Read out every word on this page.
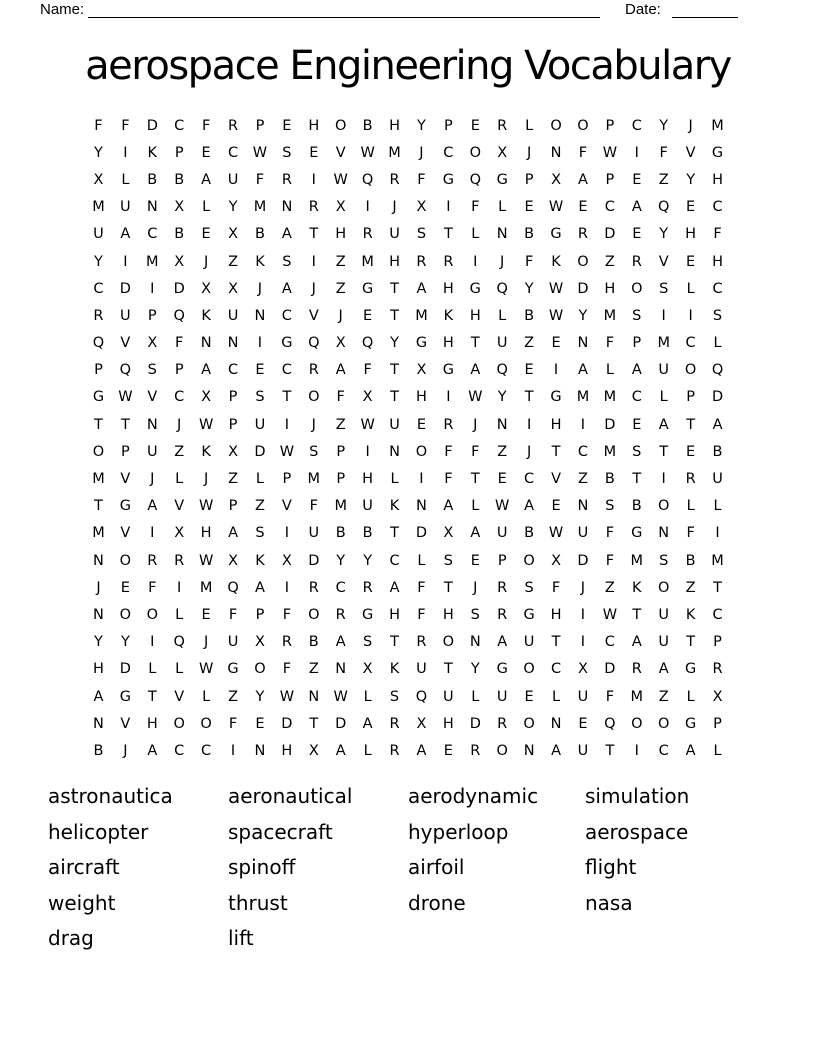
Name:	Date:
aerospace Engineering Vocabulary
F	F	D	C	F	R	P	E	H	O	B	H	Y	P	E	R	L	O	O	P	C	Y	J	M
Y	I	K	P	E	C	W	S	E	V	W M	J	C	O	X	J	N	F	W	I	F	V	G
X	L	B	B	A	U	F	R	I	W Q	R	F	G	Q	G	P	X	A	P	E	Z	Y	H
M	U	N	X	L	Y	M	N	R	X	I	J	X	I	F	L	E	W	E	C	A	Q	E	C
U	A	C	B	E	X	B	A	T	H	R	U	S	T	L	N	B	G	R	D	E	Y	H	F
Y	I	M	X	J	Z	K	S	I	Z	M	H	R	R	I	J	F	K	O	Z	R	V	E	H
C	D	I	D	X	X	J	A	J	Z	G	T	A	H	G	Q	Y	W D	H	O	S	L	C
R	U	P	Q	K	U	N	C	V	J	E	T	M	K	H	L	B	W	Y	M	S	I	I	S
Q	V	X	F	N	N	I	G	Q	X	Q	Y	G	H	T	U	Z	E	N	F	P	M	C	L
P	Q	S	P	A	C	E	C	R	A	F	T	X	G	A	Q	E	I	A	L	A	U	O	Q
G W	V	C	X	P	S	T	O	F	X	T	H	I	W	Y	T	G	M M	C	L	P	D
T	T	N	J	W	P	U	I	J	Z	W U	E	R	J	N	I	H	I	D	E	A	T	A
O	P	U	Z	K	X	D W	S	P	I	N	O	F	F	Z	J	T	C	M	S	T	E	B
M	V	J	L	J	Z	L	P	M	P	H	L	I	F	T	E	C	V	Z	B	T	I	R	U
T	G	A	V	W	P	Z	V	F	M	U	K	N	A	L	W	A	E	N	S	B	O	L	L
M	V	I	X	H	A	S	I	U	B	B	T	D	X	A	U	B	W U	F	G	N	F	I
N	O	R	R	W	X	K	X	D	Y	Y	C	L	S	E	P	O	X	D	F	M	S	B	M
J	E	F	I	M	Q	A	I	R	C	R	A	F	T	J	R	S	F	J	Z	K	O	Z	T
N	O	O	L	E	F	P	F	O	R	G	H	F	H	S	R	G	H	I	W	T	U	K	C
Y	Y	I	Q	J	U	X	R	B	A	S	T	R	O	N	A	U	T	I	C	A	U	T	P
H	D	L	L	W G	O	F	Z	N	X	K	U	T	Y	G	O	C	X	D	R	A	G	R
A	G	T	V	L	Z	Y	W N W	L	S	Q	U	L	U	E	L	U	F	M	Z	L	X
N	V	H	O	O	F	E	D	T	D	A	R	X	H	D	R	O	N	E	Q	O	O	G	P
B	J	A	C	C	I	N	H	X	A	L	R	A	E	R	O	N	A	U	T	I	C	A	L
astronautica
helicopter
aircraft
weight
drag
aeronautical
spacecraft
spinoff
thrust
lift
aerodynamic
hyperloop
airfoil
drone
simulation
aerospace
flight
nasa
